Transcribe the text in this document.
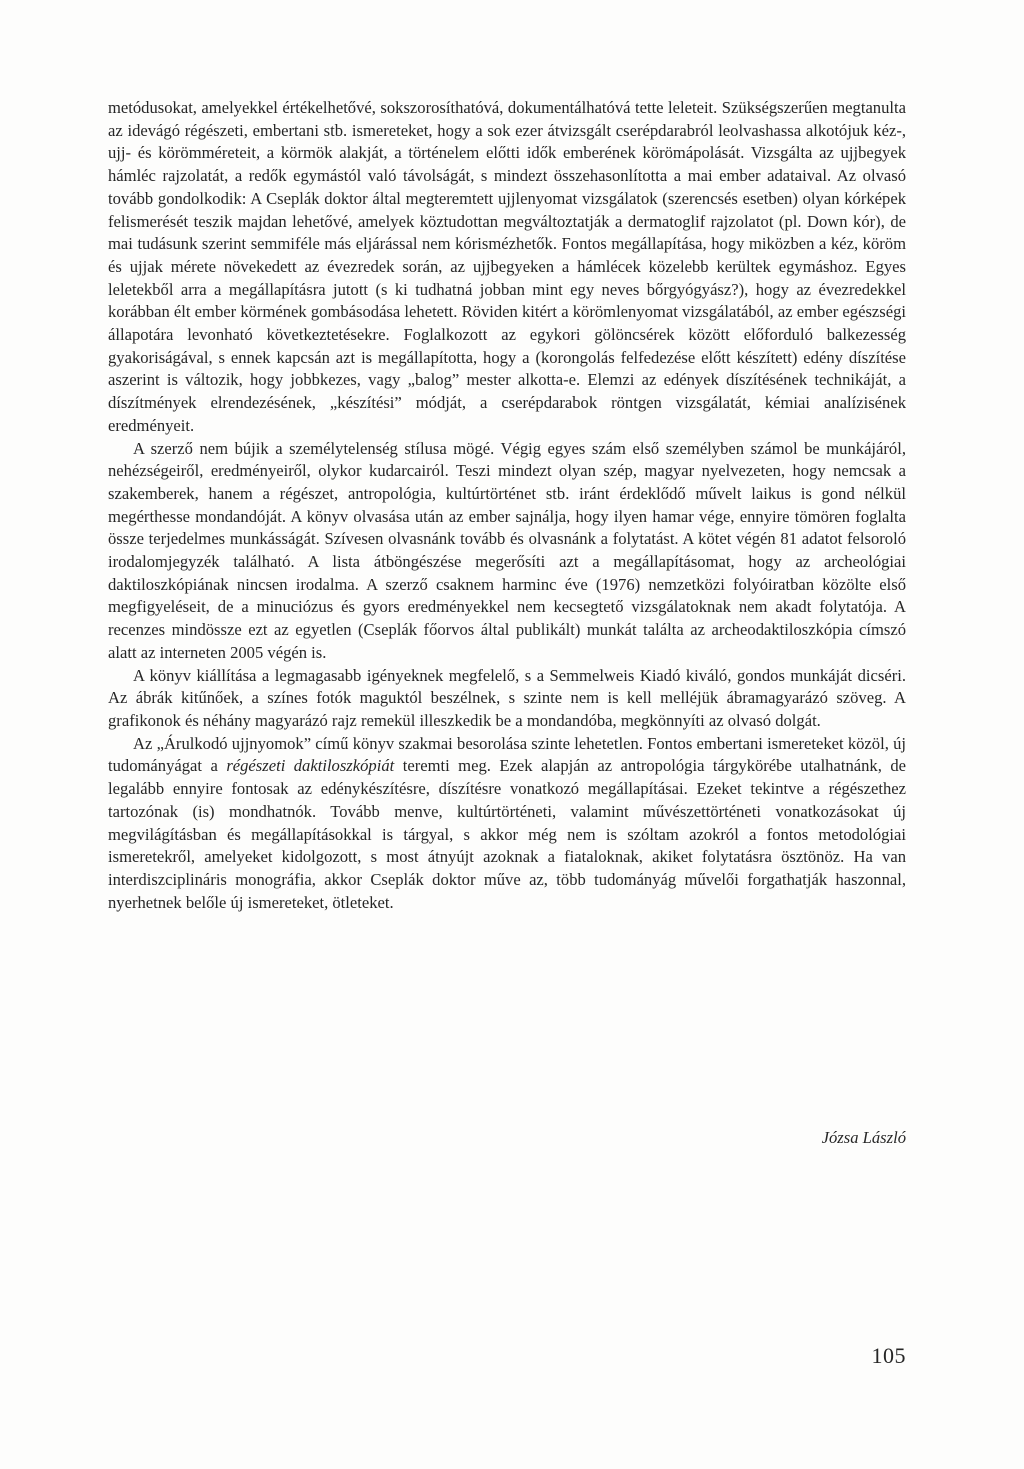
metódusokat, amelyekkel értékelhetővé, sokszorosíthatóvá, dokumentálhatóvá tette leleteit. Szükségszerűen megtanulta az idevágó régészeti, embertani stb. ismereteket, hogy a sok ezer átvizsgált cserépdarabról leolvashassa alkotójuk kéz-, ujj- és körömméreteit, a körmök alakját, a történelem előtti idők emberének körömápolását. Vizsgálta az ujjbegyek hámléc rajzolatát, a redők egymástól való távolságát, s mindezt összehasonlította a mai ember adataival. Az olvasó tovább gondolkodik: A Cseplák doktor által megteremtett ujjlenyomat vizsgálatok (szerencsés esetben) olyan kórképek felismerését teszik majdan lehetővé, amelyek köztudottan megváltoztatják a dermatoglif rajzolatot (pl. Down kór), de mai tudásunk szerint semmiféle más eljárással nem kórismézhetők. Fontos megállapítása, hogy miközben a kéz, köröm és ujjak mérete növekedett az évezredek során, az ujjbegyeken a hámlécek közelebb kerültek egymáshoz. Egyes leletekből arra a megállapításra jutott (s ki tudhatná jobban mint egy neves bőrgyógyász?), hogy az évezredekkel korábban élt ember körmének gombásodása lehetett. Röviden kitért a körömlenyomat vizsgálatából, az ember egészségi állapotára levonható következtetésekre. Foglalkozott az egykori gölöncsérek között előforduló balkezesség gyakoriságával, s ennek kapcsán azt is megállapította, hogy a (korongolás felfedezése előtt készített) edény díszítése aszerint is változik, hogy jobbkezes, vagy „balog” mester alkotta-e. Elemzi az edények díszítésének technikáját, a díszítmények elrendezésének, „készítési” módját, a cserépdarabok röntgen vizsgálatát, kémiai analízisének eredményeit.

A szerző nem bújik a személytelenség stílusa mögé. Végig egyes szám első személyben számol be munkájáról, nehézségeiről, eredményeiről, olykor kudarcairól. Teszi mindezt olyan szép, magyar nyelvezeten, hogy nemcsak a szakemberek, hanem a régészet, antropológia, kultúrtörténet stb. iránt érdeklődő művelt laikus is gond nélkül megérthesse mondandóját. A könyv olvasása után az ember sajnálja, hogy ilyen hamar vége, ennyire tömören foglalta össze terjedelmes munkásságát. Szívesen olvasnánk tovább és olvasnánk a folytatást. A kötet végén 81 adatot felsoroló irodalomjegyzék található. A lista átböngészése megerősíti azt a megállapításomat, hogy az archeológiai daktiloszkópiának nincsen irodalma. A szerző csaknem harminc éve (1976) nemzetközi folyóiratban közölte első megfigyeléseit, de a minuciózus és gyors eredményekkel nem kecsegtető vizsgálatoknak nem akadt folytatója. A recenzes mindössze ezt az egyetlen (Cseplák főorvos által publikált) munkát találta az archeodaktiloszkópia címszó alatt az interneten 2005 végén is.

A könyv kiállítása a legmagasabb igényeknek megfelelő, s a Semmelweis Kiadó kiváló, gondos munkáját dicséri. Az ábrák kitűnőek, a színes fotók maguktól beszélnek, s szinte nem is kell melléjük ábramagyarázó szöveg. A grafikonok és néhány magyarázó rajz remekül illeszkedik be a mondandóba, megkönnyíti az olvasó dolgát.

Az „Árulkodó ujjnyomok” című könyv szakmai besorolása szinte lehetetlen. Fontos embertani ismereteket közöl, új tudományágat a régészeti daktiloszkópiát teremti meg. Ezek alapján az antropológia tárgykörébe utalhatnánk, de legalább ennyire fontosak az edénykészítésre, díszítésre vonatkozó megállapításai. Ezeket tekintve a régészethez tartozónak (is) mondhatnók. Tovább menve, kultúrtörténeti, valamint művészettörténeti vonatkozásokat új megvilágításban és megállapításokkal is tárgyal, s akkor még nem is szóltam azokról a fontos metodológiai ismeretekről, amelyeket kidolgozott, s most átnyújt azoknak a fiataloknak, akiket folytatásra ösztönöz. Ha van interdiszciplináris monográfia, akkor Cseplák doktor műve az, több tudományág művelői forgathatják haszonnal, nyerhetnek belőle új ismereteket, ötleteket.

Józsa László
105
